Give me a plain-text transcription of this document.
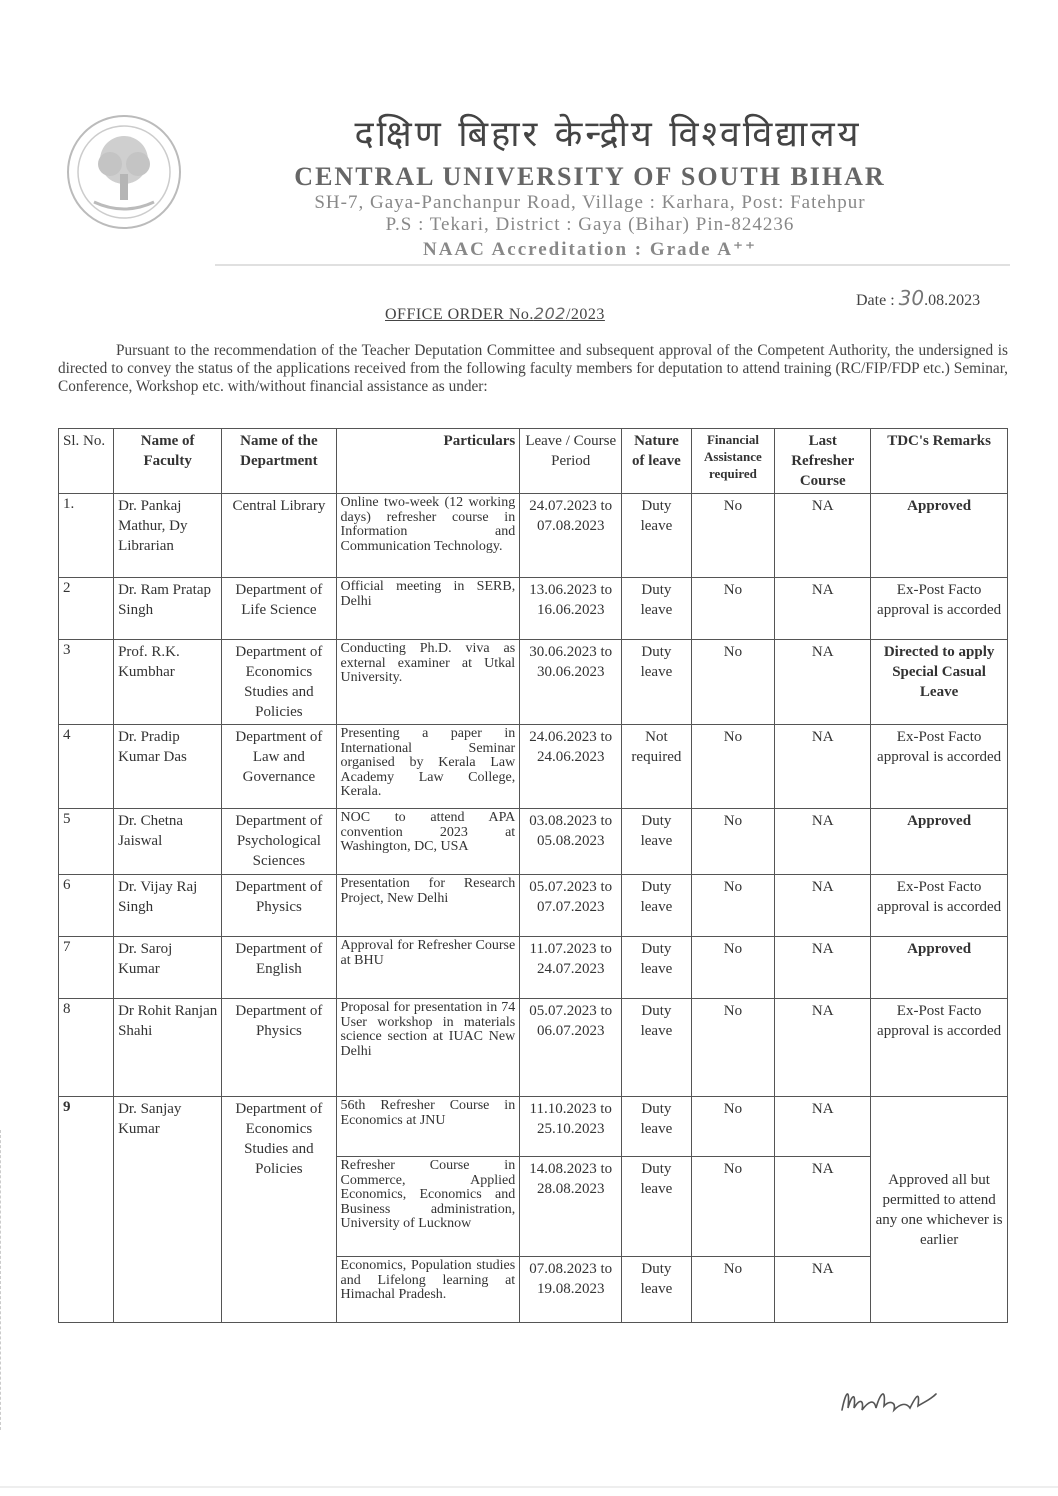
दक्षिण बिहार केन्द्रीय विश्वविद्यालय
CENTRAL UNIVERSITY OF SOUTH BIHAR
SH-7, Gaya-Panchanpur Road, Village : Karhara, Post: Fatehpur
P.S : Tekari, District : Gaya (Bihar) Pin-824236
NAAC Accreditation : Grade A⁺⁺
Date : 30.08.2023
OFFICE ORDER No.202/2023
Pursuant to the recommendation of the Teacher Deputation Committee and subsequent approval of the Competent Authority, the undersigned is directed to convey the status of the applications received from the following faculty members for deputation to attend training (RC/FIP/FDP etc.) Seminar, Conference, Workshop etc. with/without financial assistance as under:
Sl. No.	Name of Faculty	Name of the Department	Particulars	Leave / Course Period	Nature of leave	Financial Assistance required	Last Refresher Course	TDC's Remarks
1.	Dr. Pankaj Mathur, Dy Librarian	Central Library	Online two-week (12 working days) refresher course in Information and Communication Technology.	24.07.2023 to 07.08.2023	Duty leave	No	NA	Approved
2	Dr. Ram Pratap Singh	Department of Life Science	Official meeting in SERB, Delhi	13.06.2023 to 16.06.2023	Duty leave	No	NA	Ex-Post Facto approval is accorded
3	Prof. R.K. Kumbhar	Department of Economics Studies and Policies	Conducting Ph.D. viva as external examiner at Utkal University.	30.06.2023 to 30.06.2023	Duty leave	No	NA	Directed to apply Special Casual Leave
4	Dr. Pradip Kumar Das	Department of Law and Governance	Presenting a paper in International Seminar organised by Kerala Law Academy Law College, Kerala.	24.06.2023 to 24.06.2023	Not required	No	NA	Ex-Post Facto approval is accorded
5	Dr. Chetna Jaiswal	Department of Psychological Sciences	NOC to attend APA convention 2023 at Washington, DC, USA	03.08.2023 to 05.08.2023	Duty leave	No	NA	Approved
6	Dr. Vijay Raj Singh	Department of Physics	Presentation for Research Project, New Delhi	05.07.2023 to 07.07.2023	Duty leave	No	NA	Ex-Post Facto approval is accorded
7	Dr. Saroj Kumar	Department of English	Approval for Refresher Course at BHU	11.07.2023 to 24.07.2023	Duty leave	No	NA	Approved
8	Dr Rohit Ranjan Shahi	Department of Physics	Proposal for presentation in 74 User workshop in materials science section at IUAC New Delhi	05.07.2023 to 06.07.2023	Duty leave	No	NA	Ex-Post Facto approval is accorded
9	Dr. Sanjay Kumar	Department of Economics Studies and Policies	56th Refresher Course in Economics at JNU	11.10.2023 to 25.10.2023	Duty leave	No	NA	Approved all but permitted to attend any one whichever is earlier
			Refresher Course in Commerce, Applied Economics, Economics and Business administration, University of Lucknow	14.08.2023 to 28.08.2023	Duty leave	No	NA	
			Economics, Population studies and Lifelong learning at Himachal Pradesh.	07.08.2023 to 19.08.2023	Duty leave	No	NA	
